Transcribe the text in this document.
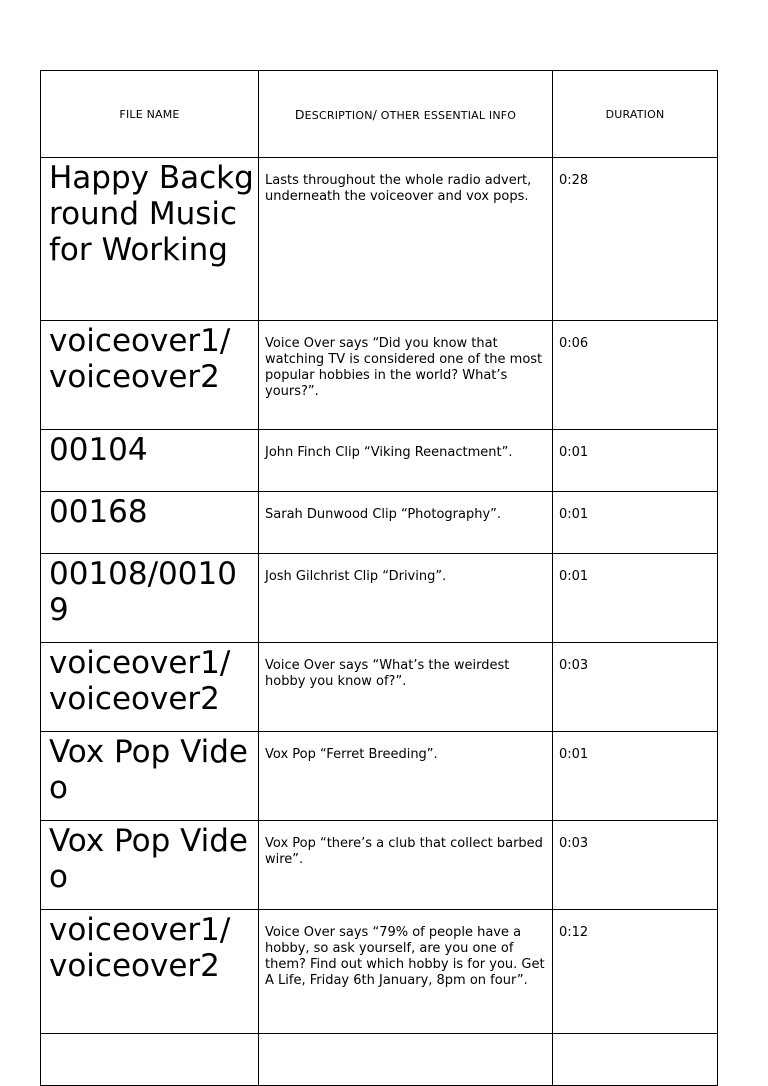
FILE NAME	DESCRIPTION/ OTHER ESSENTIAL INFO	DURATION
Happy Background Music for Working	Lasts throughout the whole radio advert, underneath the voiceover and vox pops.	0:28
voiceover1/ voiceover2	Voice Over says “Did you know that watching TV is considered one of the most popular hobbies in the world? What’s yours?”.	0:06
00104	John Finch Clip “Viking Reenactment”.	0:01
00168	Sarah Dunwood Clip “Photography”.	0:01
00108/00109	Josh Gilchrist Clip “Driving”.	0:01
voiceover1/ voiceover2	Voice Over says “What’s the weirdest hobby you know of?”.	0:03
Vox Pop Video	Vox Pop “Ferret Breeding”.	0:01
Vox Pop Video	Vox Pop “there’s a club that collect barbed wire”.	0:03
voiceover1/ voiceover2	Voice Over says “79% of people have a hobby, so ask yourself, are you one of them? Find out which hobby is for you. Get A Life, Friday 6th January, 8pm on four”.	0:12
